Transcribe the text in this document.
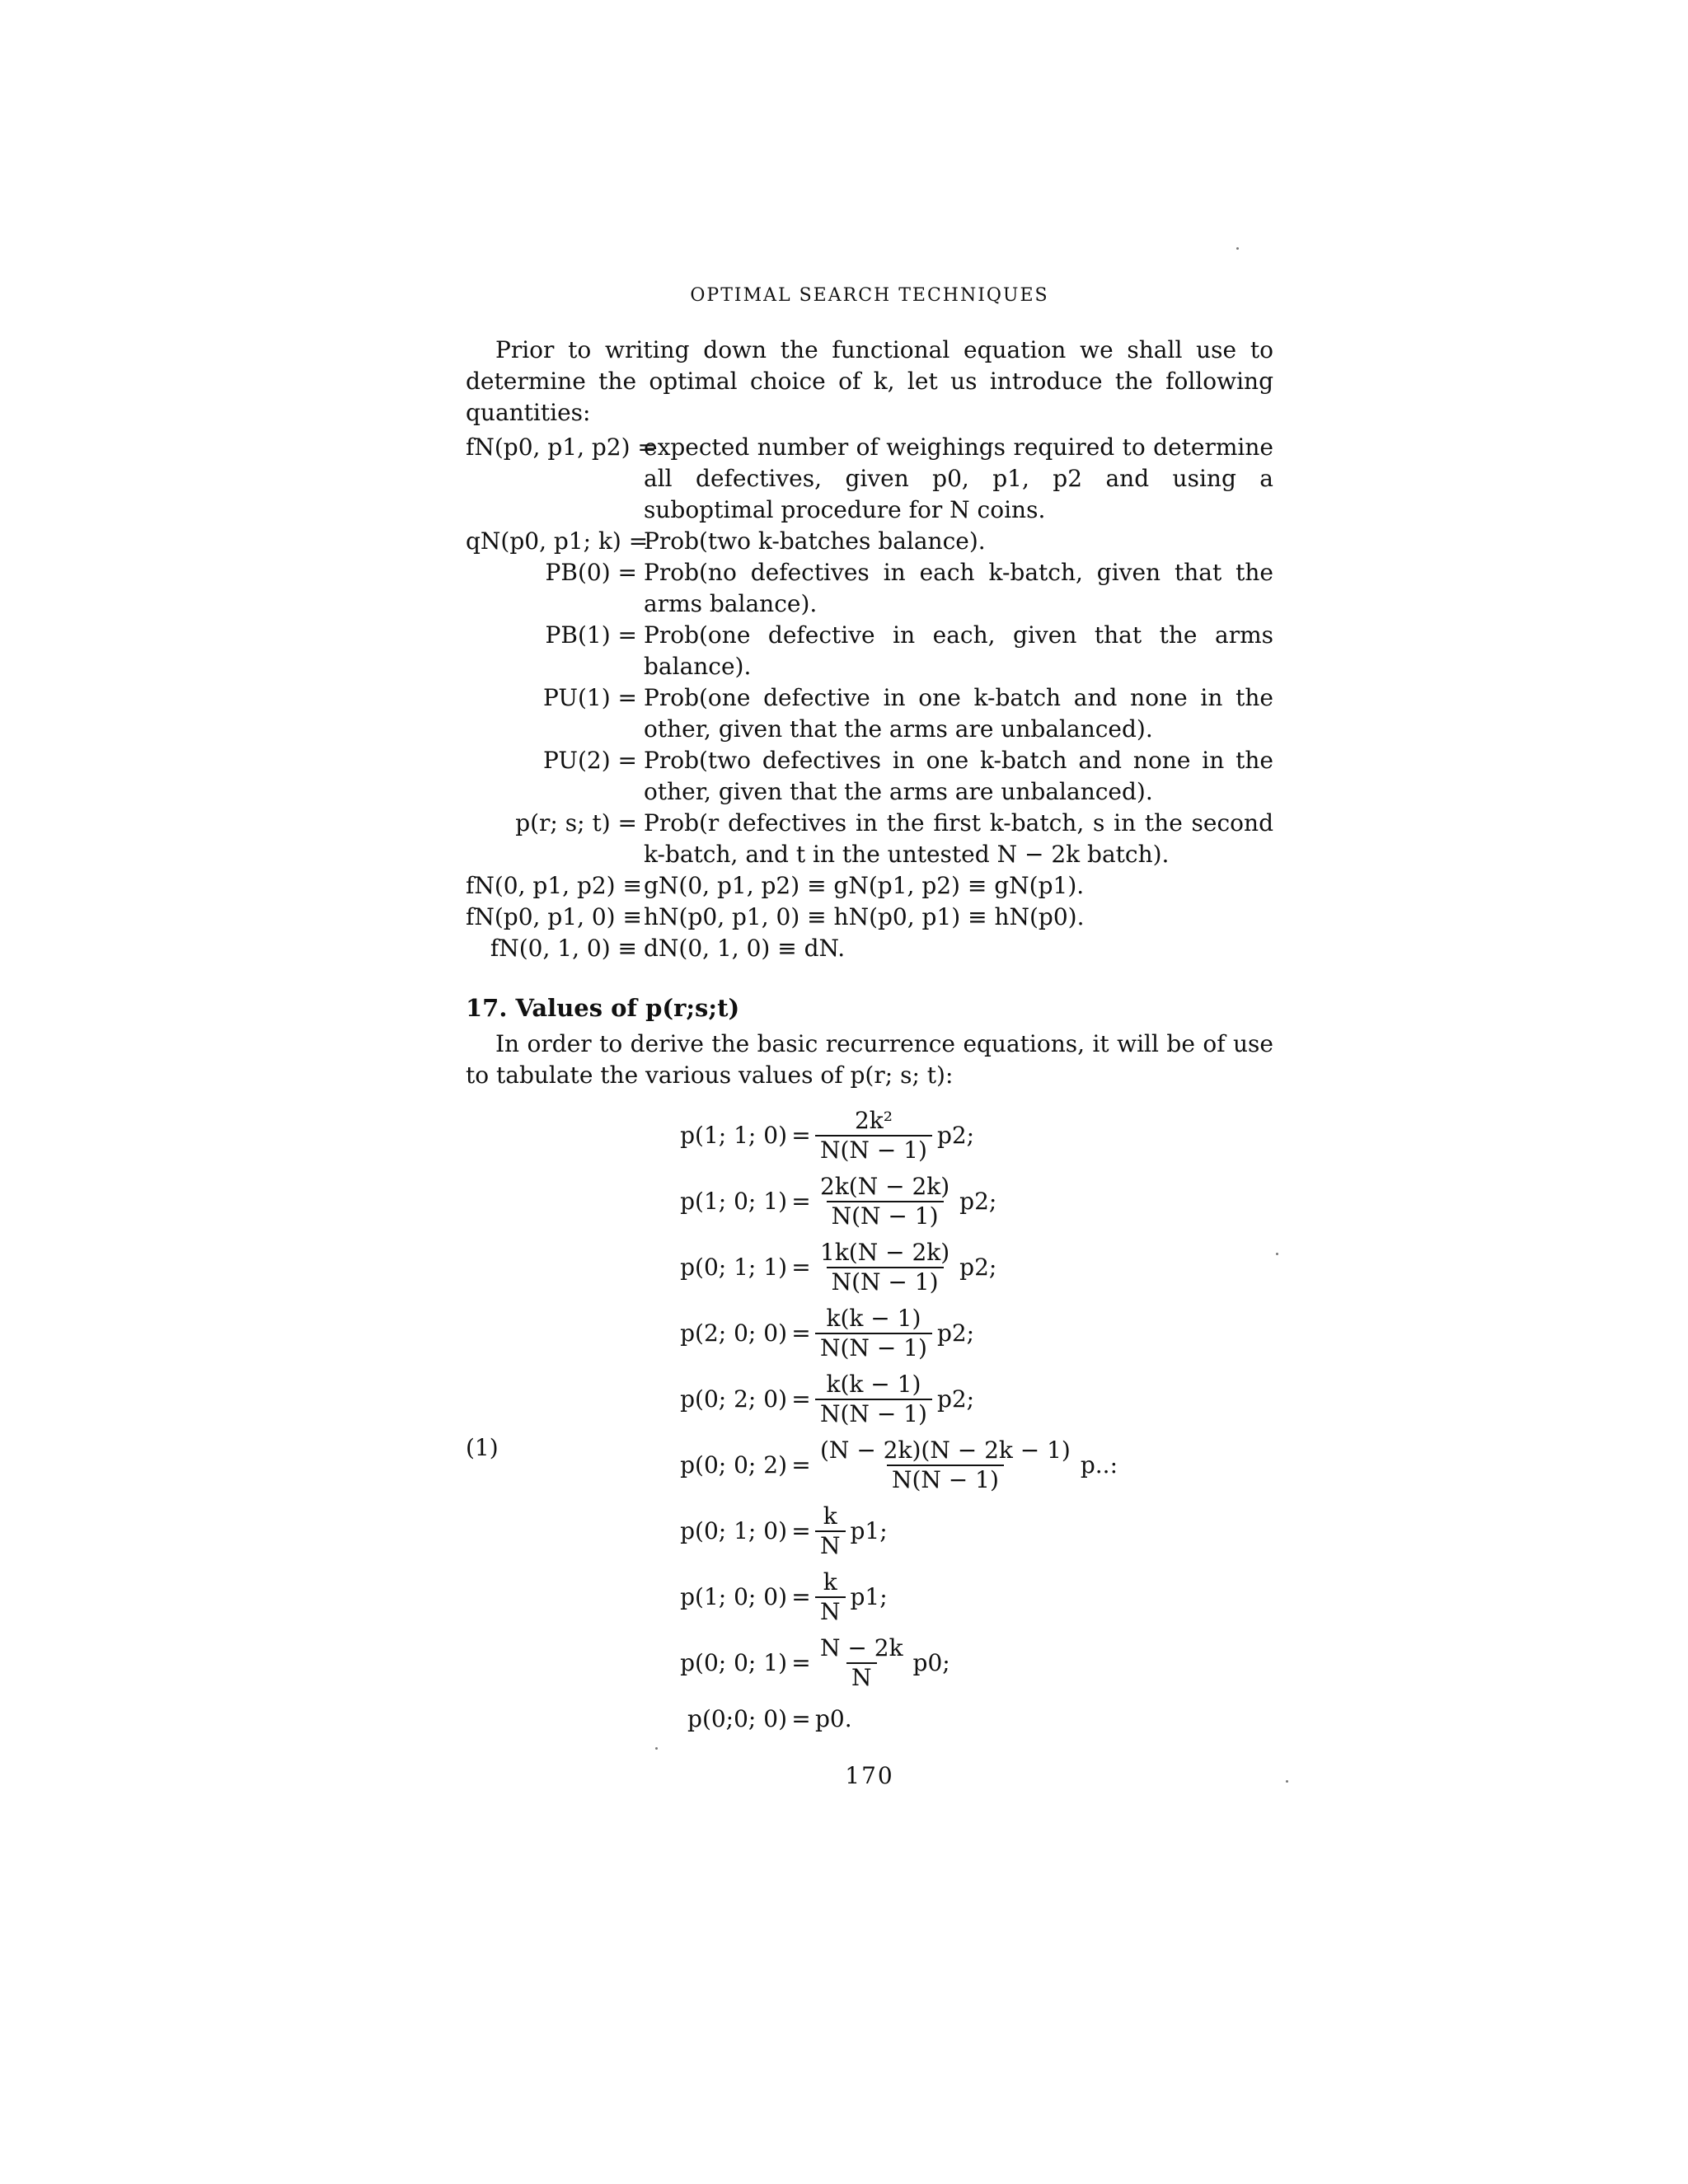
OPTIMAL SEARCH TECHNIQUES

Prior to writing down the functional equation we shall use to determine the optimal choice of k, let us introduce the following quantities:

fN(p0, p1, p2) =
expected number of weighings required to determine all defectives, given p0, p1, p2 and using a suboptimal procedure for N coins.
qN(p0, p1; k) =
Prob(two k-batches balance).
PB(0) = Prob(no defectives in each k-batch, given that the arms balance).
PB(1) = Prob(one defective in each, given that the arms balance).
PU(1) = Prob(one defective in one k-batch and none in the other, given that the arms are unbalanced).
PU(2) = Prob(two defectives in one k-batch and none in the other, given that the arms are unbalanced).
p(r; s; t) = Prob(r defectives in the first k-batch, s in the second k-batch, and t in the untested N − 2k batch).
fN(0, p1, p2) ≡ gN(0, p1, p2) ≡ gN(p1, p2) ≡ gN(p1).
fN(p0, p1, 0) ≡ hN(p0, p1, 0) ≡ hN(p0, p1) ≡ hN(p0).
fN(0, 1, 0) ≡ dN(0, 1, 0) ≡ dN.
17. Values of p(r;s;t)

In order to derive the basic recurrence equations, it will be of use to tabulate the various values of p(r; s; t):

(1)
p(1; 1; $0) = \frac{\text{2k²}}{N(N - 1)} p2$;
p(1; 0; $1) = \frac{2k(N - 2k)}{N(N - 1)} p2$;
p(0; 1; $1) = \frac{1k(N - 2k)}{N(N - 1)} p2$;
p(2; 0; $0) = \frac{k(k - 1)}{N(N - 1)} p2$;
p(0; 2; $0) = \frac{k(k - 1)}{N(N - 1)} p2$;
p(0; 0; $2) = \frac{(N - 2k)(N - 2k - 1)}{N(N - 1)} p$..:
p(0; 1; $0) = \frac{k}{N} p1$;
p(1; 0; $0) = \frac{k}{N} p1$;
p(0; 0; $1) = \frac{N - 2k}{N} p0$;
p(0;0; 0) = p0.
170
